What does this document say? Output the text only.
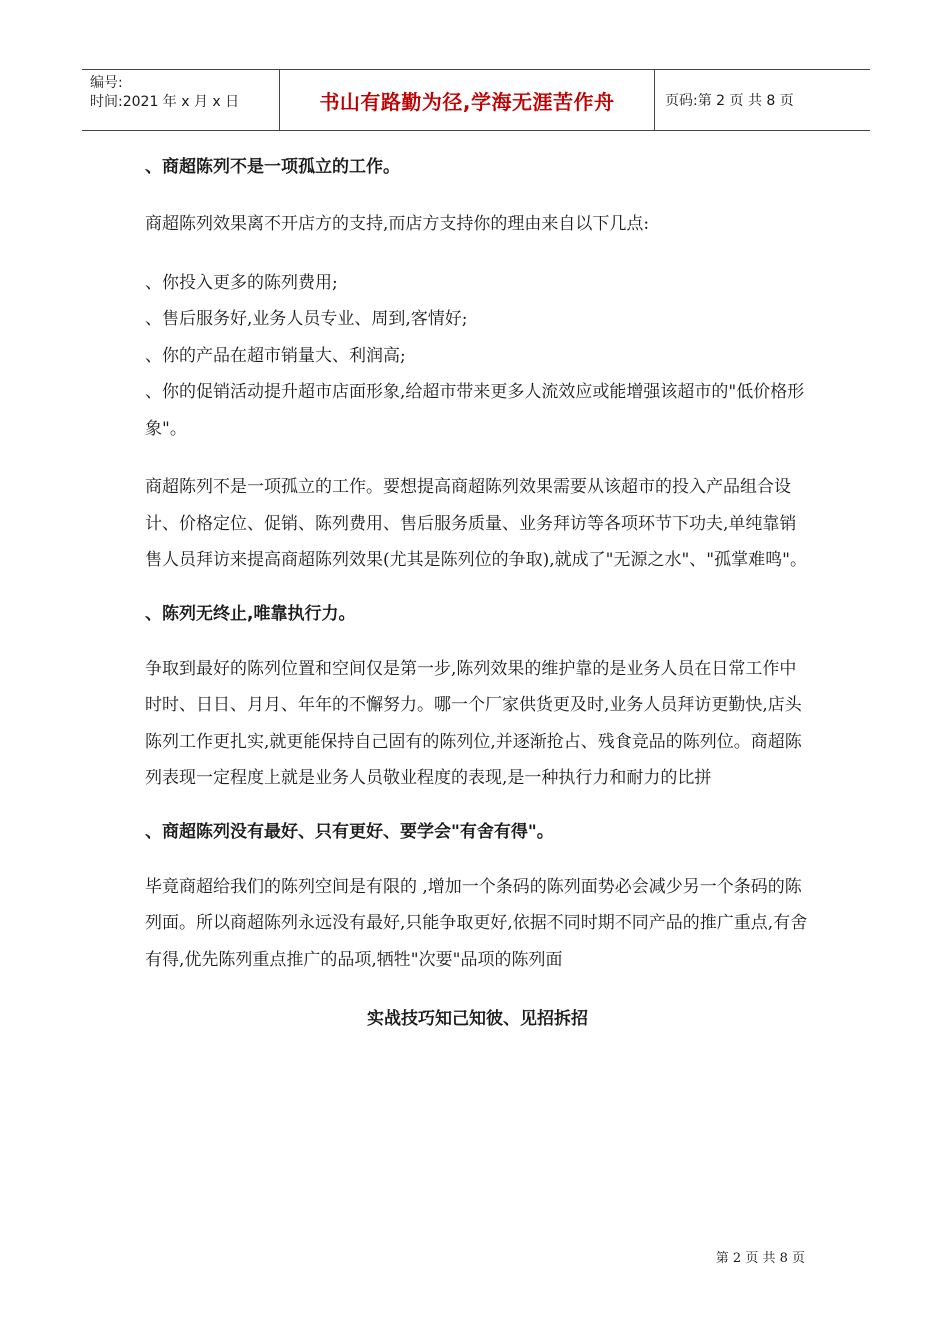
编号:
时间:2021 年 x 月 x 日	书山有路勤为径,学海无涯苦作舟	页码:第 2 页 共 8 页

、商超陈列不是一项孤立的工作。

商超陈列效果离不开店方的支持,而店方支持你的理由来自以下几点:

、你投入更多的陈列费用;

、售后服务好,业务人员专业、周到,客情好;

、你的产品在超市销量大、利润高;

、你的促销活动提升超市店面形象,给超市带来更多人流效应或能增强该超市的"低价格形象"。

商超陈列不是一项孤立的工作。要想提高商超陈列效果需要从该超市的投入产品组合设计、价格定位、促销、陈列费用、售后服务质量、业务拜访等各项环节下功夫,单纯靠销售人员拜访来提高商超陈列效果(尤其是陈列位的争取),就成了"无源之水"、"孤掌难鸣"。

、陈列无终止,唯靠执行力。

争取到最好的陈列位置和空间仅是第一步,陈列效果的维护靠的是业务人员在日常工作中时时、日日、月月、年年的不懈努力。哪一个厂家供货更及时,业务人员拜访更勤快,店头陈列工作更扎实,就更能保持自己固有的陈列位,并逐渐抢占、残食竞品的陈列位。商超陈列表现一定程度上就是业务人员敬业程度的表现,是一种执行力和耐力的比拼

、商超陈列没有最好、只有更好、要学会"有舍有得"。

毕竟商超给我们的陈列空间是有限的 ,增加一个条码的陈列面势必会减少另一个条码的陈列面。所以商超陈列永远没有最好,只能争取更好,依据不同时期不同产品的推广重点,有舍有得,优先陈列重点推广的品项,牺牲"次要"品项的陈列面

实战技巧知己知彼、见招拆招

第 2 页 共 8 页
